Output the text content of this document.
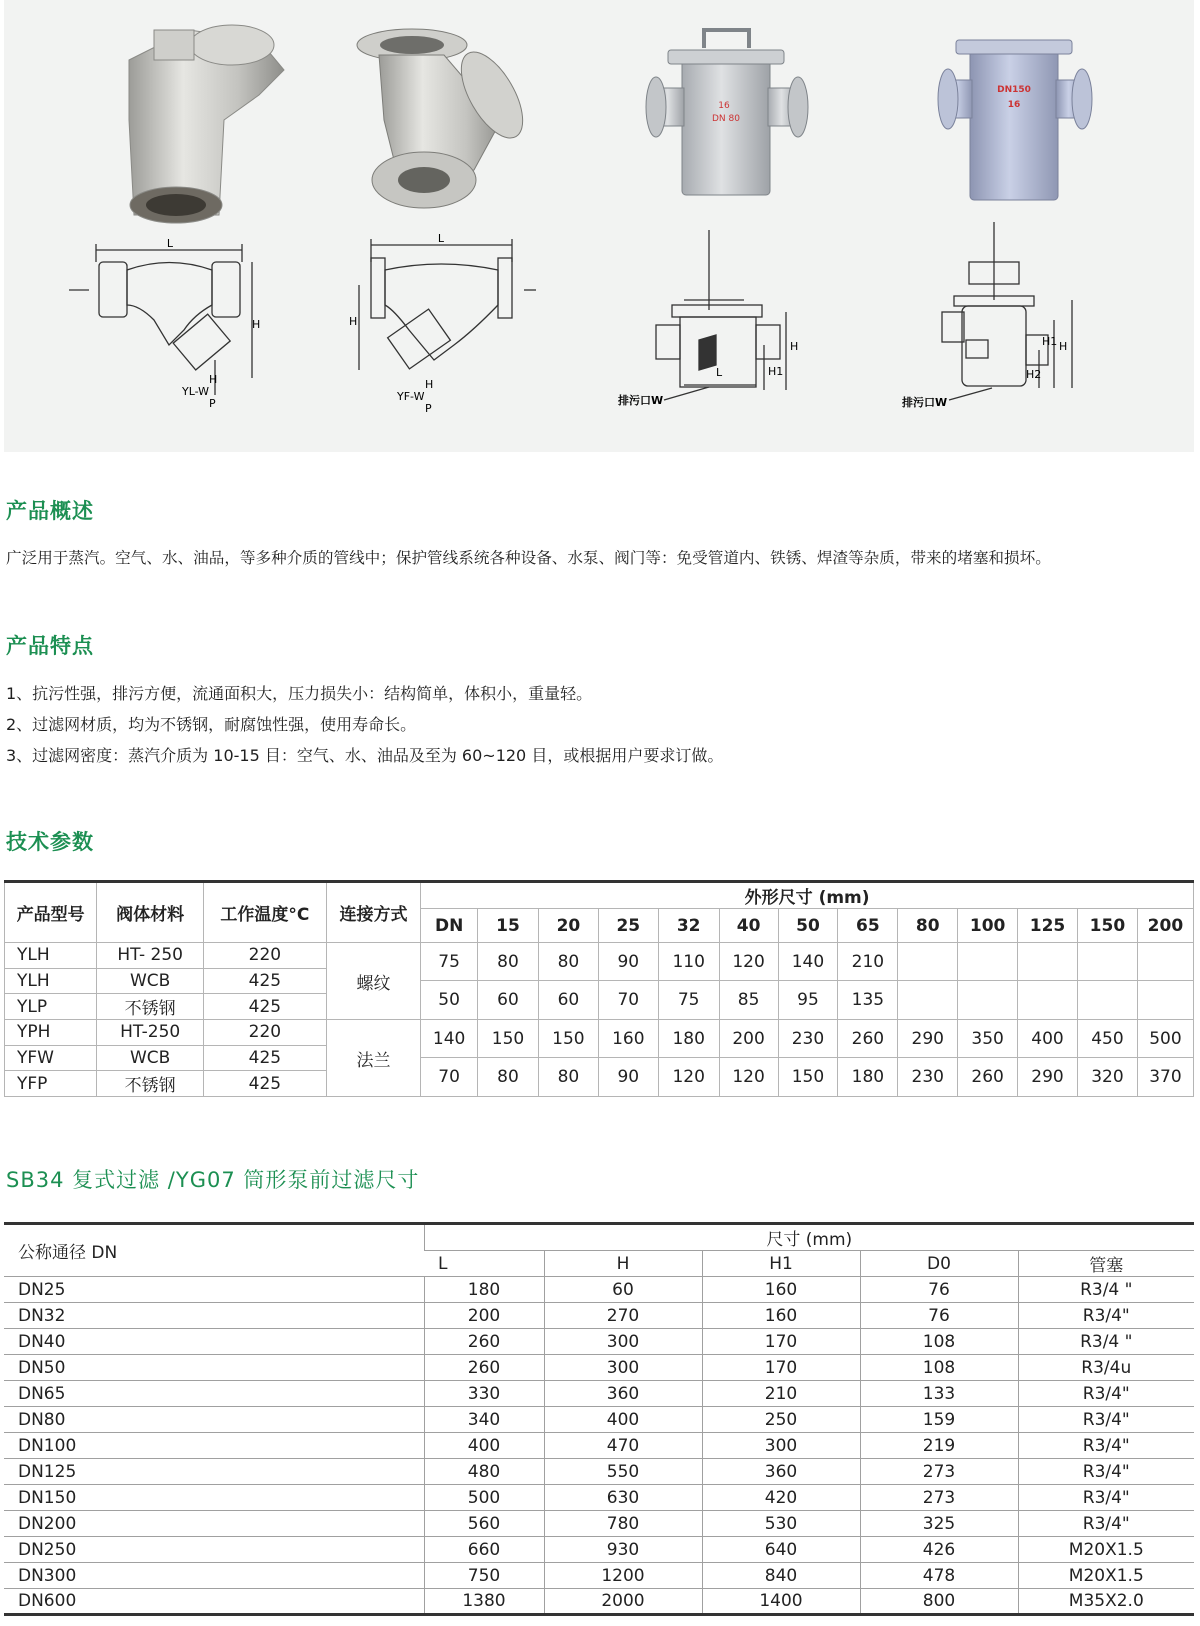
16
DN 80
DN150
16
L
H
H
YL-W
P
L
H
H
YF-W
P
L
H
H1
排污口W
H
H1
H2
排污口W
产品概述
广泛用于蒸汽。空气、水、油品，等多种介质的管线中；保护管线系统各种设备、水泵、阀门等：免受管道内、铁锈、焊渣等杂质，带来的堵塞和损坏。
产品特点
1、抗污性强，排污方便，流通面积大，压力损失小：结构简单，体积小，重量轻。
2、过滤网材质，均为不锈钢，耐腐蚀性强，使用寿命长。
3、过滤网密度：蒸汽介质为 10-15 目：空气、水、油品及至为 60~120 目，或根据用户要求订做。
技术参数
产品型号	阀体材料	工作温度°C	连接方式	外形尺寸 (mm)												
				DN	15	20	25	32	40	50	65	80	100	125	150	200
YLH	HT- 250	220	螺纹	75	80	80	90	110	120	140	210					

YLH	WCB	425														
				50	60	60	70	75	85	95	135					
YLP	不锈钢	425														

YPH	HT-250	220	法兰	140	150	150	160	180	200	230	260	290	350	400	450	500

YFW	WCB	425														
				70	80	80	90	120	120	150	180	230	260	290	320	370
YFP	不锈钢	425														

SB34 复式过滤 /YG07 筒形泵前过滤尺寸
公称通径 DN	尺寸 (mm)				
	L	H	H1	D0	管塞
DN25	180	60	160	76	R3/4 "
DN32	200	270	160	76	R3/4"
DN40	260	300	170	108	R3/4 "
DN50	260	300	170	108	R3/4u
DN65	330	360	210	133	R3/4"
DN80	340	400	250	159	R3/4"
DN100	400	470	300	219	R3/4"
DN125	480	550	360	273	R3/4"
DN150	500	630	420	273	R3/4"
DN200	560	780	530	325	R3/4"
DN250	660	930	640	426	M20X1.5
DN300	750	1200	840	478	M20X1.5
DN600	1380	2000	1400	800	M35X2.0
